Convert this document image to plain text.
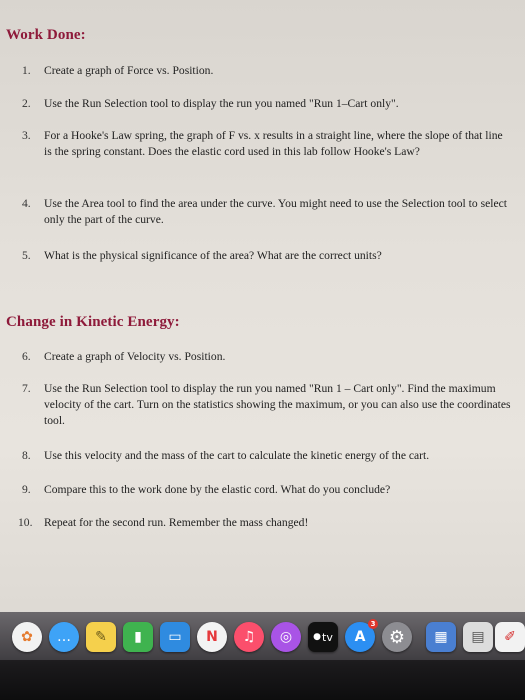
Work Done:
1.	Create a graph of Force vs. Position.
2.	Use the Run Selection tool to display the run you named "Run 1–Cart only".
3.	For a Hooke's Law spring, the graph of F vs. x results in a straight line, where the slope of that line is the spring constant. Does the elastic cord used in this lab follow Hooke's Law?
4.	Use the Area tool to find the area under the curve. You might need to use the Selection tool to select only the part of the curve.
5.	What is the physical significance of the area? What are the correct units?
Change in Kinetic Energy:
6.	Create a graph of Velocity vs. Position.
7.	Use the Run Selection tool to display the run you named "Run 1 – Cart only". Find the maximum velocity of the cart. Turn on the statistics showing the maximum, or you can also use the coordinates tool.
8.	Use this velocity and the mass of the cart to calculate the kinetic energy of the cart.
9.	Compare this to the work done by the elastic cord. What do you conclude?
10. Repeat for the second run. Remember the mass changed!
✿	…	✎	▮	▭	N	♫	◎	● tv A
3
⚙	▦	▤	✐
